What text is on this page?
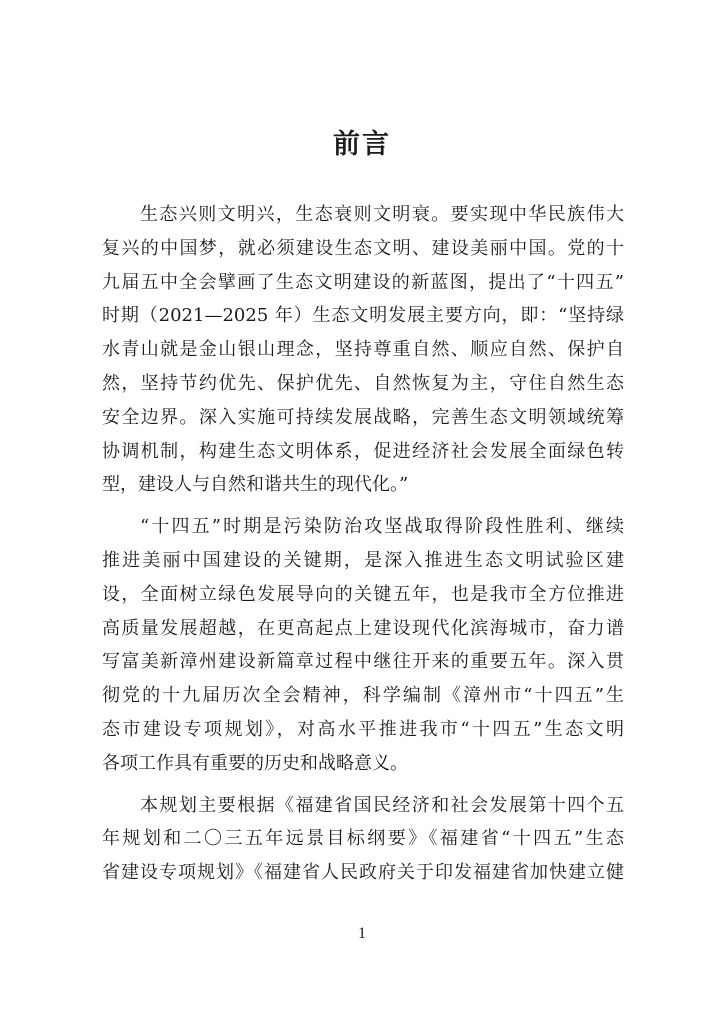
前言
生态兴则文明兴，生态衰则文明衰。要实现中华民族伟大
复兴的中国梦，就必须建设生态文明、建设美丽中国。党的十
九届五中全会擘画了生态文明建设的新蓝图，提出了“十四五”
时期（2021—2025 年）生态文明发展主要方向，即：“坚持绿
水青山就是金山银山理念，坚持尊重自然、顺应自然、保护自
然，坚持节约优先、保护优先、自然恢复为主，守住自然生态
安全边界。深入实施可持续发展战略，完善生态文明领域统筹
协调机制，构建生态文明体系，促进经济社会发展全面绿色转
型，建设人与自然和谐共生的现代化。”
“十四五”时期是污染防治攻坚战取得阶段性胜利、继续
推进美丽中国建设的关键期，是深入推进生态文明试验区建
设，全面树立绿色发展导向的关键五年，也是我市全方位推进
高质量发展超越，在更高起点上建设现代化滨海城市，奋力谱
写富美新漳州建设新篇章过程中继往开来的重要五年。深入贯
彻党的十九届历次全会精神，科学编制《漳州市“十四五”生
态市建设专项规划》，对高水平推进我市“十四五”生态文明
各项工作具有重要的历史和战略意义。
本规划主要根据《福建省国民经济和社会发展第十四个五
年规划和二〇三五年远景目标纲要》《福建省“十四五”生态
省建设专项规划》《福建省人民政府关于印发福建省加快建立健
1
